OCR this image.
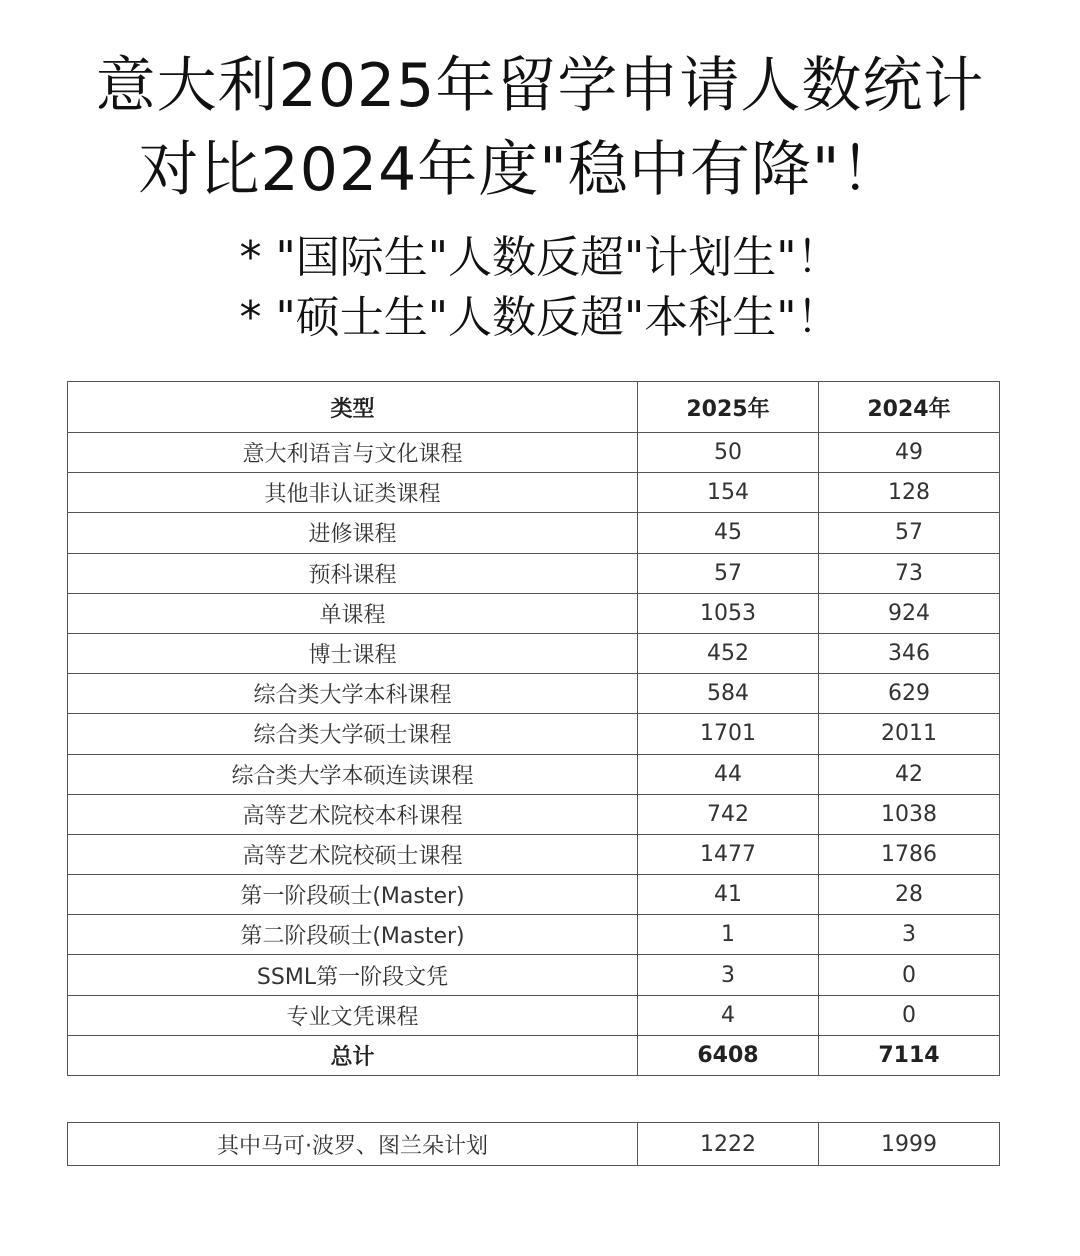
意大利2025年留学申请人数统计
对比2024年度"稳中有降"！
* "国际生"人数反超"计划生"！
* "硕士生"人数反超"本科生"！
类型	2025年	2024年
意大利语言与文化课程	50	49
其他非认证类课程	154	128
进修课程	45	57
预科课程	57	73
单课程	1053	924
博士课程	452	346
综合类大学本科课程	584	629
综合类大学硕士课程	1701	2011
综合类大学本硕连读课程	44	42
高等艺术院校本科课程	742	1038
高等艺术院校硕士课程	1477	1786
第一阶段硕士(Master)	41	28
第二阶段硕士(Master)	1	3
SSML第一阶段文凭	3	0
专业文凭课程	4	0
总计	6408	7114
其中马可·波罗、图兰朵计划	1222	1999
